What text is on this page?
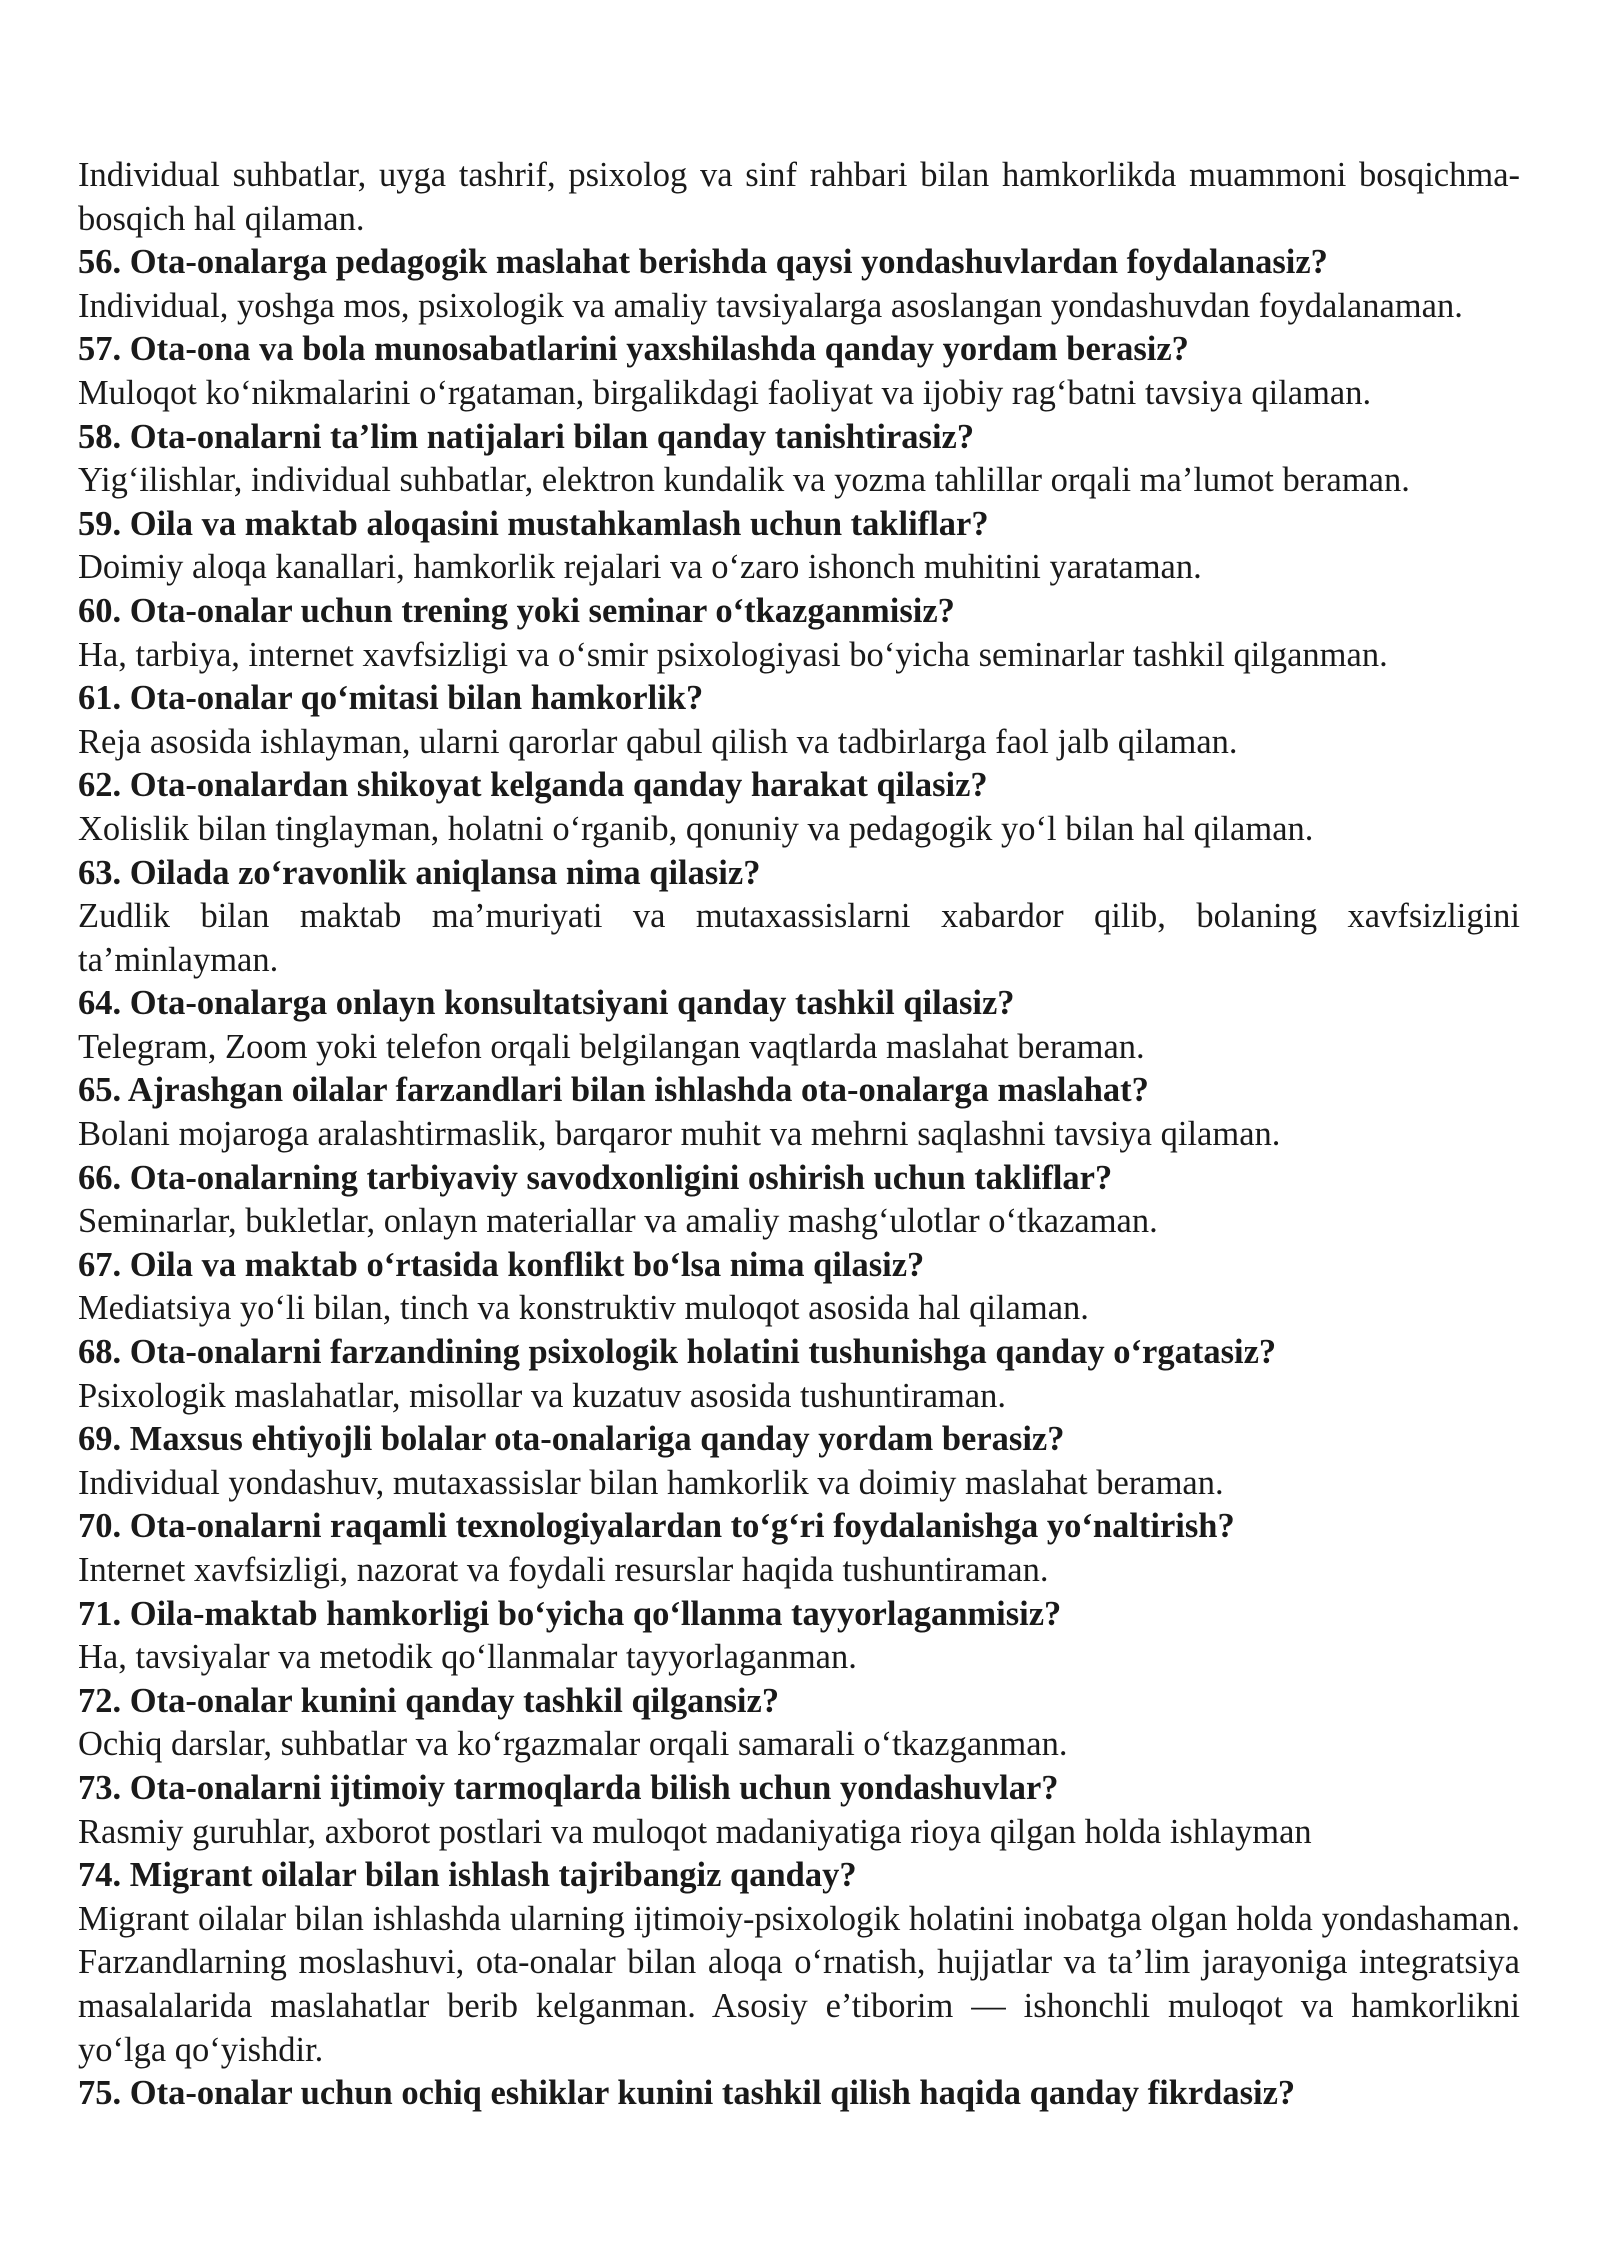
Individual suhbatlar, uyga tashrif, psixolog va sinf rahbari bilan hamkorlikda muammoni bosqichma-bosqich hal qilaman.

56. Ota-onalarga pedagogik maslahat berishda qaysi yondashuvlardan foydalanasiz?

Individual, yoshga mos, psixologik va amaliy tavsiyalarga asoslangan yondashuvdan foydalanaman.

57. Ota-ona va bola munosabatlarini yaxshilashda qanday yordam berasiz?

Muloqot ko‘nikmalarini o‘rgataman, birgalikdagi faoliyat va ijobiy rag‘batni tavsiya qilaman.

58. Ota-onalarni ta’lim natijalari bilan qanday tanishtirasiz?

Yig‘ilishlar, individual suhbatlar, elektron kundalik va yozma tahlillar orqali ma’lumot beraman.

59. Oila va maktab aloqasini mustahkamlash uchun takliflar?

Doimiy aloqa kanallari, hamkorlik rejalari va o‘zaro ishonch muhitini yarataman.

60. Ota-onalar uchun trening yoki seminar o‘tkazganmisiz?

Ha, tarbiya, internet xavfsizligi va o‘smir psixologiyasi bo‘yicha seminarlar tashkil qilganman.

61. Ota-onalar qo‘mitasi bilan hamkorlik?

Reja asosida ishlayman, ularni qarorlar qabul qilish va tadbirlarga faol jalb qilaman.

62. Ota-onalardan shikoyat kelganda qanday harakat qilasiz?

Xolislik bilan tinglayman, holatni o‘rganib, qonuniy va pedagogik yo‘l bilan hal qilaman.

63. Oilada zo‘ravonlik aniqlansa nima qilasiz?

Zudlik bilan maktab ma’muriyati va mutaxassislarni xabardor qilib, bolaning xavfsizligini ta’minlayman.

64. Ota-onalarga onlayn konsultatsiyani qanday tashkil qilasiz?

Telegram, Zoom yoki telefon orqali belgilangan vaqtlarda maslahat beraman.

65. Ajrashgan oilalar farzandlari bilan ishlashda ota-onalarga maslahat?

Bolani mojaroga aralashtirmaslik, barqaror muhit va mehrni saqlashni tavsiya qilaman.

66. Ota-onalarning tarbiyaviy savodxonligini oshirish uchun takliflar?

Seminarlar, bukletlar, onlayn materiallar va amaliy mashg‘ulotlar o‘tkazaman.

67. Oila va maktab o‘rtasida konflikt bo‘lsa nima qilasiz?

Mediatsiya yo‘li bilan, tinch va konstruktiv muloqot asosida hal qilaman.

68. Ota-onalarni farzandining psixologik holatini tushunishga qanday o‘rgatasiz?

Psixologik maslahatlar, misollar va kuzatuv asosida tushuntiraman.

69. Maxsus ehtiyojli bolalar ota-onalariga qanday yordam berasiz?

Individual yondashuv, mutaxassislar bilan hamkorlik va doimiy maslahat beraman.

70. Ota-onalarni raqamli texnologiyalardan to‘g‘ri foydalanishga yo‘naltirish?

Internet xavfsizligi, nazorat va foydali resurslar haqida tushuntiraman.

71. Oila-maktab hamkorligi bo‘yicha qo‘llanma tayyorlaganmisiz?

Ha, tavsiyalar va metodik qo‘llanmalar tayyorlaganman.

72. Ota-onalar kunini qanday tashkil qilgansiz?

Ochiq darslar, suhbatlar va ko‘rgazmalar orqali samarali o‘tkazganman.

73. Ota-onalarni ijtimoiy tarmoqlarda bilish uchun yondashuvlar?

Rasmiy guruhlar, axborot postlari va muloqot madaniyatiga rioya qilgan holda ishlayman

74. Migrant oilalar bilan ishlash tajribangiz qanday?

Migrant oilalar bilan ishlashda ularning ijtimoiy-psixologik holatini inobatga olgan holda yondashaman. Farzandlarning moslashuvi, ota-onalar bilan aloqa o‘rnatish, hujjatlar va ta’lim jarayoniga integratsiya masalalarida maslahatlar berib kelganman. Asosiy e’tiborim — ishonchli muloqot va hamkorlikni yo‘lga qo‘yishdir.

75. Ota-onalar uchun ochiq eshiklar kunini tashkil qilish haqida qanday fikrdasiz?
